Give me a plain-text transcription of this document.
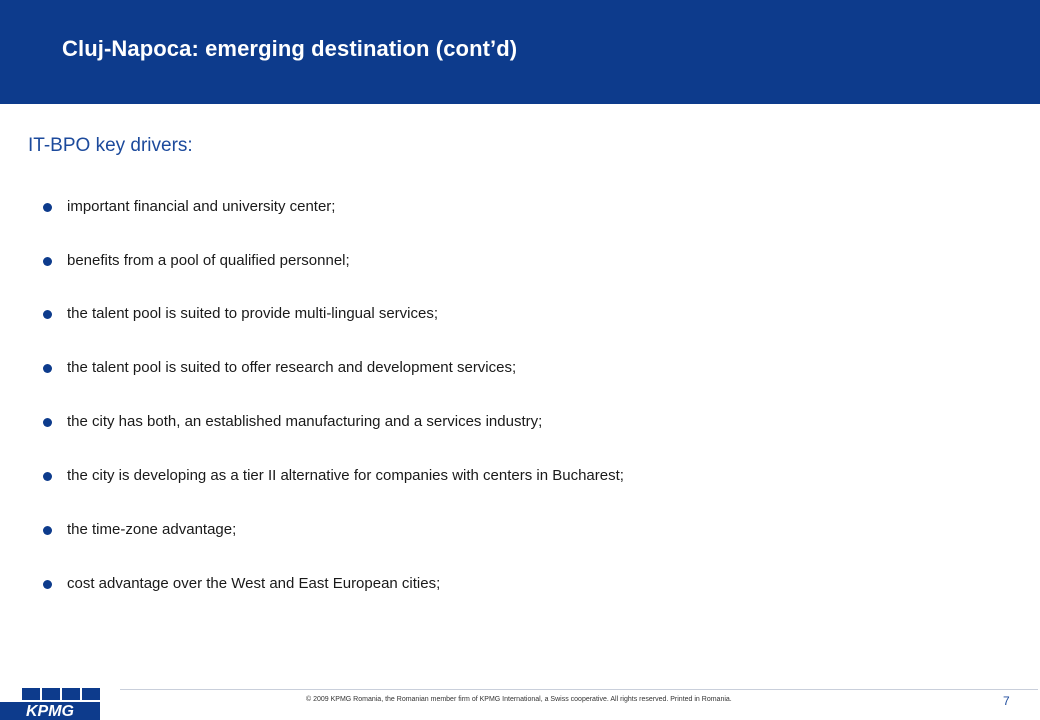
Cluj-Napoca: emerging destination (cont’d)
IT-BPO key drivers:
important financial and university center;
benefits from a pool of qualified personnel;
the talent pool is suited to provide multi-lingual services;
the talent pool is suited to offer research and development services;
the city has both, an established manufacturing and a services industry;
the city is developing as a tier II alternative for companies with centers in Bucharest;
the time-zone advantage;
cost advantage over the West and East European cities;
KPMG
© 2009 KPMG Romania, the Romanian member firm of KPMG International, a Swiss cooperative. All rights reserved. Printed in Romania.	7
